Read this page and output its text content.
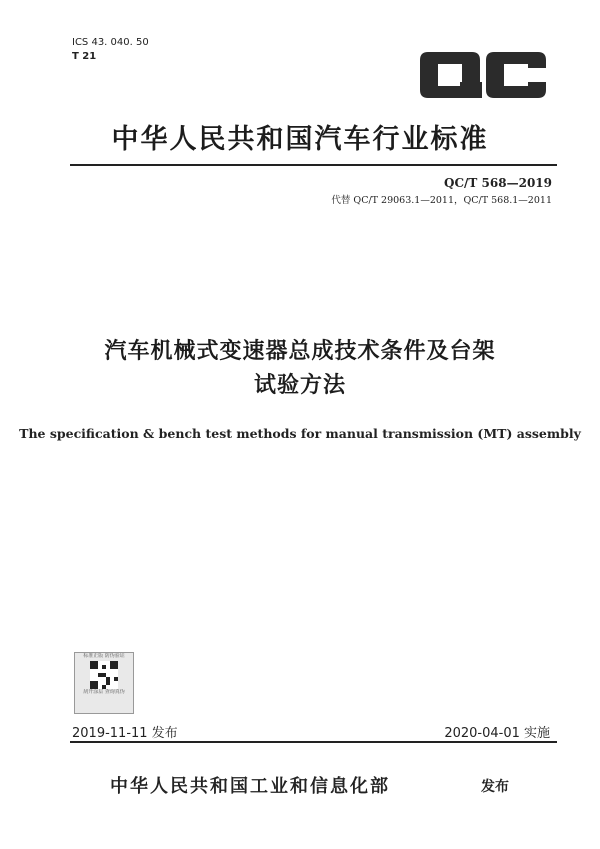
ICS 43. 040. 50
T 21
QC
中华人民共和国汽车行业标准
QC/T 568—2019
代替 QC/T 29063.1—2011，QC/T 568.1—2011
汽车机械式变速器总成技术条件及台架
试验方法
The specification & bench test methods for manual transmission (MT) assembly
标准正版 防伪验证
刮开涂层 查询真伪
2019-11-11 发布	2020-04-01 实施
中华人民共和国工业和信息化部	发布
